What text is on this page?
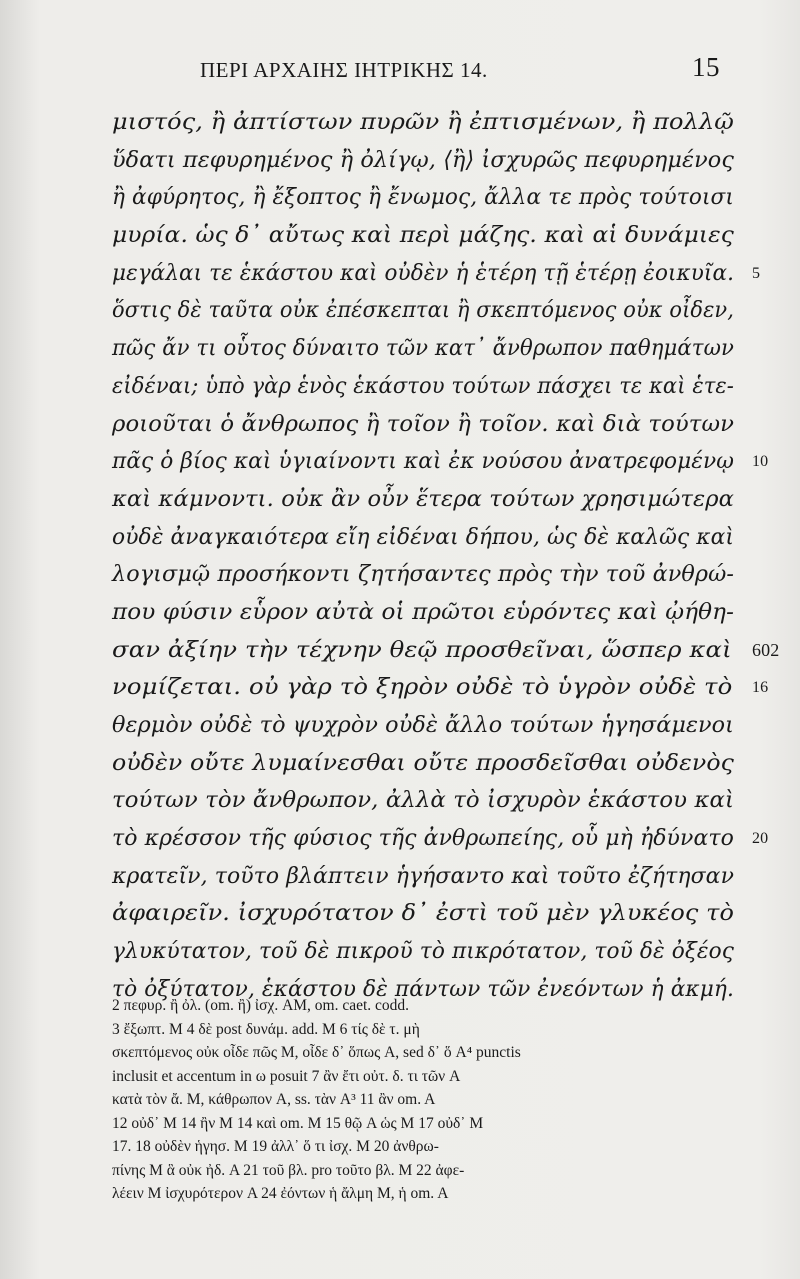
ΠΕΡΙ ΑΡΧΑΙΗΣ ΙΗΤΡΙΚΗΣ 14.	15
μιστός, ἢ ἀπτίστων πυρῶν ἢ ἐπτισμένων, ἢ πολλῷ
ὕδατι πεφυρημένος ἢ ὀλίγῳ, ⟨ἢ⟩ ἰσχυρῶς πεφυρημένος
ἢ ἀφύρητος, ἢ ἔξοπτος ἢ ἔνωμος, ἄλλα τε πρὸς τούτοισι
μυρία. ὡς δ᾽ αὔτως καὶ περὶ μάζης. καὶ αἱ δυνάμιες
μεγάλαι τε ἑκάστου καὶ οὐδὲν ἡ ἑτέρη τῇ ἑτέρῃ ἐοικυῖα. 5
ὅστις δὲ ταῦτα οὐκ ἐπέσκεπται ἢ σκεπτόμενος οὐκ οἶδεν,
πῶς ἄν τι οὗτος δύναιτο τῶν κατ᾽ ἄνθρωπον παθημάτων
εἰδέναι; ὑπὸ γὰρ ἑνὸς ἑκάστου τούτων πάσχει τε καὶ ἑτε-
ροιοῦται ὁ ἄνθρωπος ἢ τοῖον ἢ τοῖον. καὶ διὰ τούτων
πᾶς ὁ βίος καὶ ὑγιαίνοντι καὶ ἐκ νούσου ἀνατρεφομένῳ 10
καὶ κάμνοντι. οὐκ ἂν οὖν ἕτερα τούτων χρησιμώτερα
οὐδὲ ἀναγκαιότερα εἴη εἰδέναι δήπου, ὡς δὲ καλῶς καὶ
λογισμῷ προσήκοντι ζητήσαντες πρὸς τὴν τοῦ ἀνθρώ-
που φύσιν εὗρον αὐτὰ οἱ πρῶτοι εὑρόντες καὶ ᾠήθη-
σαν ἀξίην τὴν τέχνην θεῷ προσθεῖναι, ὥσπερ καὶ 602
νομίζεται. οὐ γὰρ τὸ ξηρὸν οὐδὲ τὸ ὑγρὸν οὐδὲ τὸ 16
θερμὸν οὐδὲ τὸ ψυχρὸν οὐδὲ ἄλλο τούτων ἡγησάμενοι
οὐδὲν οὔτε λυμαίνεσθαι οὔτε προσδεῖσθαι οὐδενὸς
τούτων τὸν ἄνθρωπον, ἀλλὰ τὸ ἰσχυρὸν ἑκάστου καὶ
τὸ κρέσσον τῆς φύσιος τῆς ἀνθρωπείης, οὗ μὴ ἠδύνατο 20
κρατεῖν, τοῦτο βλάπτειν ἡγήσαντο καὶ τοῦτο ἐζήτησαν
ἀφαιρεῖν. ἰσχυρότατον δ᾽ ἐστὶ τοῦ μὲν γλυκέος τὸ
γλυκύτατον, τοῦ δὲ πικροῦ τὸ πικρότατον, τοῦ δὲ ὀξέος
τὸ ὀξύτατον, ἑκάστου δὲ πάντων τῶν ἐνεόντων ἡ ἀκμή.
2 πεφυρ. ἢ ὀλ. (om. ἢ) ἰσχ. AM, om. caet. codd.
3 ἔξωπτ. M 4 δὲ post δυνάμ. add. M 6 τίς δὲ τ. μὴ
σκεπτόμενος οὐκ οἶδε πῶς M, οἶδε δ᾽ ὅπως A, sed δ᾽ ὅ A⁴ punctis
inclusit et accentum in ω posuit 7 ἂν ἔτι οὐτ. δ. τι τῶν A
κατὰ τὸν ἄ. M, κάθρωπον A, ss. τὰν A³ 11 ἂν om. A
12 οὐδ᾽ M 14 ἢν M 14 καὶ om. M 15 θῷ A ὡς M 17 οὐδ᾽ M
17. 18 οὐδὲν ἡγησ. M 19 ἀλλ᾽ ὅ τι ἰσχ. M 20 ἀνθρω-
πίνης M ἃ οὐκ ἠδ. A 21 τοῦ βλ. pro τοῦτο βλ. M 22 ἀφε-
λέειν M ἰσχυρότερον A 24 ἐόντων ἡ ἄλμη M, ἡ om. A
